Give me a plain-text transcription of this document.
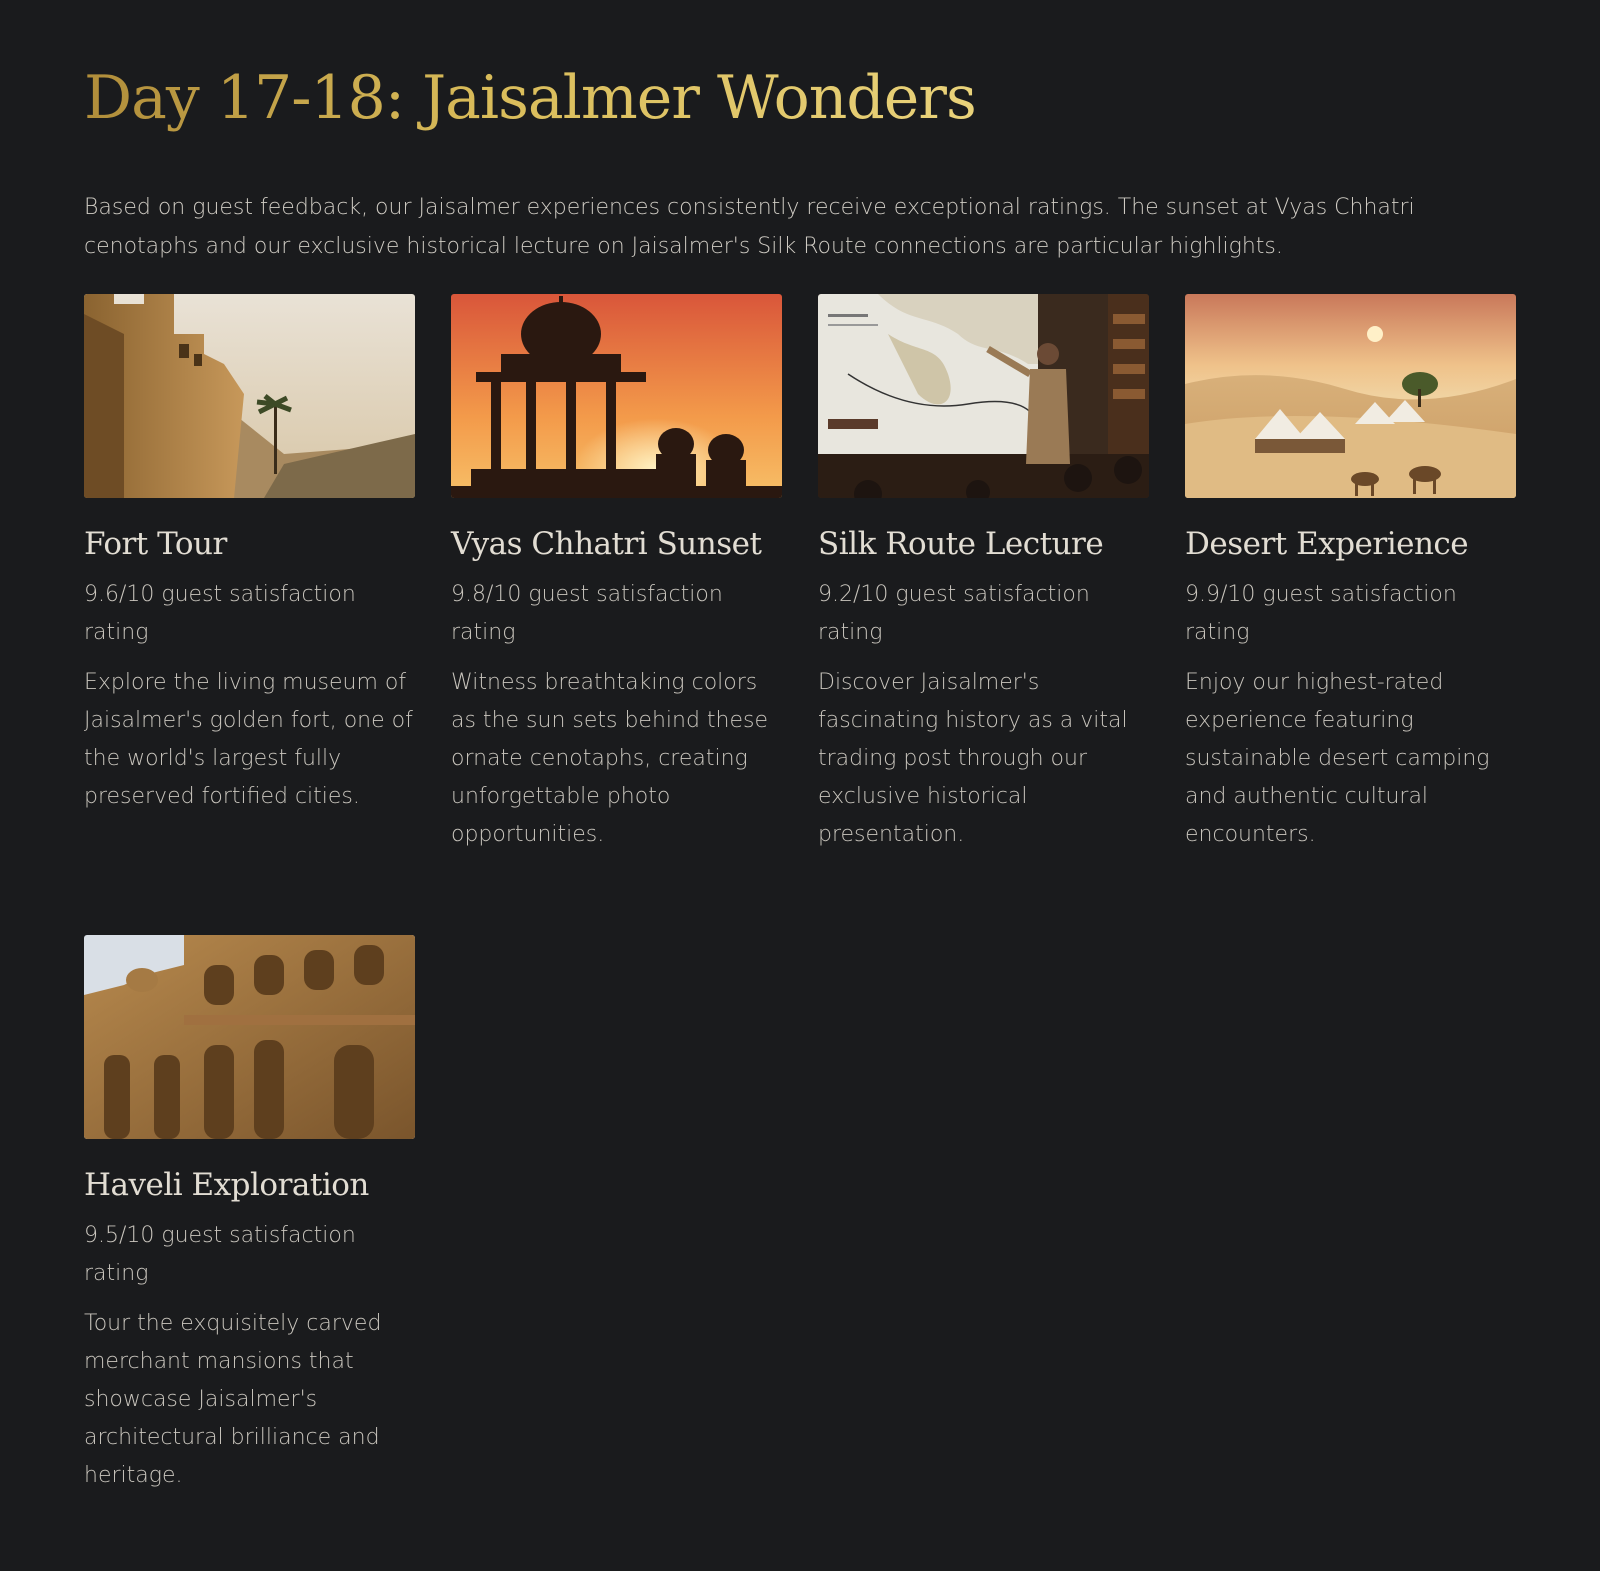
Day 17-18: Jaisalmer Wonders

Based on guest feedback, our Jaisalmer experiences consistently receive exceptional ratings. The sunset at Vyas Chhatri cenotaphs and our exclusive historical lecture on Jaisalmer's Silk Route connections are particular highlights.

Fort Tour

9.6/10 guest satisfaction rating

Explore the living museum of Jaisalmer's golden fort, one of the world's largest fully preserved fortified cities.

Vyas Chhatri Sunset

9.8/10 guest satisfaction rating

Witness breathtaking colors as the sun sets behind these ornate cenotaphs, creating unforgettable photo opportunities.

Silk Route Lecture

9.2/10 guest satisfaction rating

Discover Jaisalmer's fascinating history as a vital trading post through our exclusive historical presentation.

Desert Experience

9.9/10 guest satisfaction rating

Enjoy our highest-rated experience featuring sustainable desert camping and authentic cultural encounters.

Haveli Exploration

9.5/10 guest satisfaction rating

Tour the exquisitely carved merchant mansions that showcase Jaisalmer's architectural brilliance and heritage.
